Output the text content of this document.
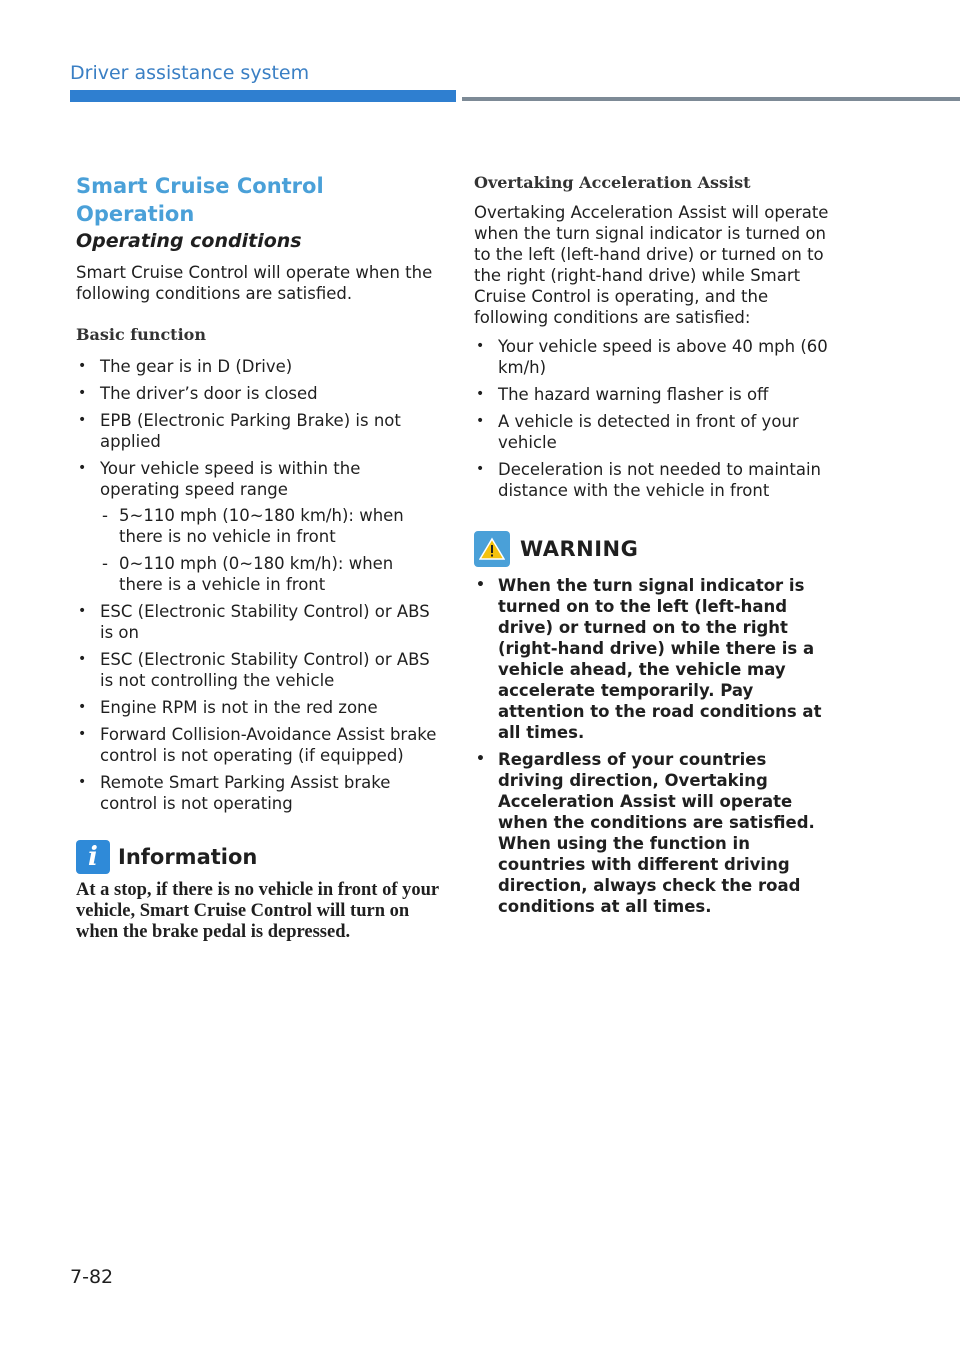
Driver assistance system
Smart Cruise Control Operation
Operating conditions

Smart Cruise Control will operate when the following conditions are satisfied.

Basic function
• The gear is in D (Drive)
• The driver’s door is closed
• EPB (Electronic Parking Brake) is not applied
• Your vehicle speed is within the operating speed range
- 5~110 mph (10~180 km/h): when there is no vehicle in front
- 0~110 mph (0~180 km/h): when there is a vehicle in front
• ESC (Electronic Stability Control) or ABS is on
• ESC (Electronic Stability Control) or ABS is not controlling the vehicle
• Engine RPM is not in the red zone
• Forward Collision-Avoidance Assist brake control is not operating (if equipped)
• Remote Smart Parking Assist brake control is not operating
i Information

At a stop, if there is no vehicle in front of your vehicle, Smart Cruise Control will turn on when the brake pedal is depressed.

Overtaking Acceleration Assist

Overtaking Acceleration Assist will operate when the turn signal indicator is turned on to the left (left-hand drive) or turned on to the right (right-hand drive) while Smart Cruise Control is operating, and the following conditions are satisfied:

• Your vehicle speed is above 40 mph (60 km/h)
• The hazard warning flasher is off
• A vehicle is detected in front of your vehicle
• Deceleration is not needed to maintain distance with the vehicle in front
WARNING
• When the turn signal indicator is turned on to the left (left-hand drive) or turned on to the right (right-hand drive) while there is a vehicle ahead, the vehicle may accelerate temporarily. Pay attention to the road conditions at all times.
• Regardless of your countries driving direction, Overtaking Acceleration Assist will operate when the conditions are satisfied. When using the function in countries with different driving direction, always check the road conditions at all times.
7-82
